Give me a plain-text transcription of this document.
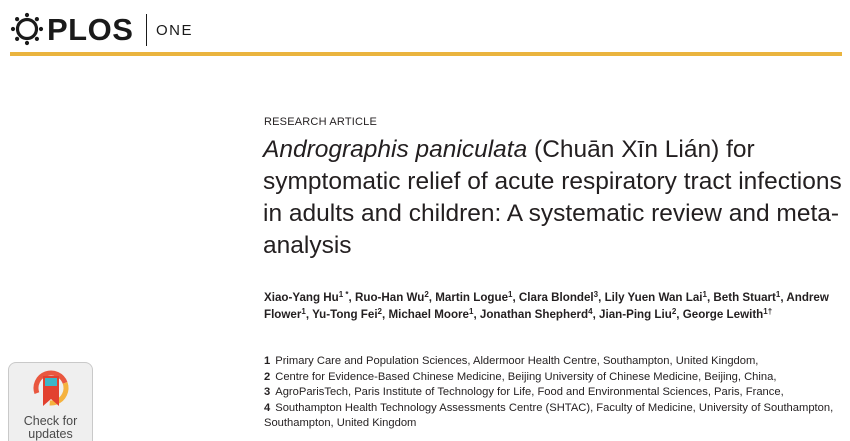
PLOS ONE
RESEARCH ARTICLE
Andrographis paniculata (Chuān Xīn Lián) for symptomatic relief of acute respiratory tract infections in adults and children: A systematic review and meta-analysis
Xiao-Yang $Hu^{1 *}$, Ruo-Han Wu$^2$, Martin Logue$^1$, Clara Blondel$^3$, Lily Yuen Wan Lai$^1$, Beth Stuart$^1$, Andrew Flower$^1$, Yu-Tong Fei$^2$, Michael Moore$^1$, Jonathan Shepherd$^4$, Jian-Ping Liu$^2$, George Lewith$^{1\dagger}$
1 Primary Care and Population Sciences, Aldermoor Health Centre, Southampton, United Kingdom,
2 Centre for Evidence-Based Chinese Medicine, Beijing University of Chinese Medicine, Beijing, China,
3 AgroParisTech, Paris Institute of Technology for Life, Food and Environmental Sciences, Paris, France,
4 Southampton Health Technology Assessments Centre (SHTAC), Faculty of Medicine, University of Southampton, Southampton, United Kingdom
Check for
updates
